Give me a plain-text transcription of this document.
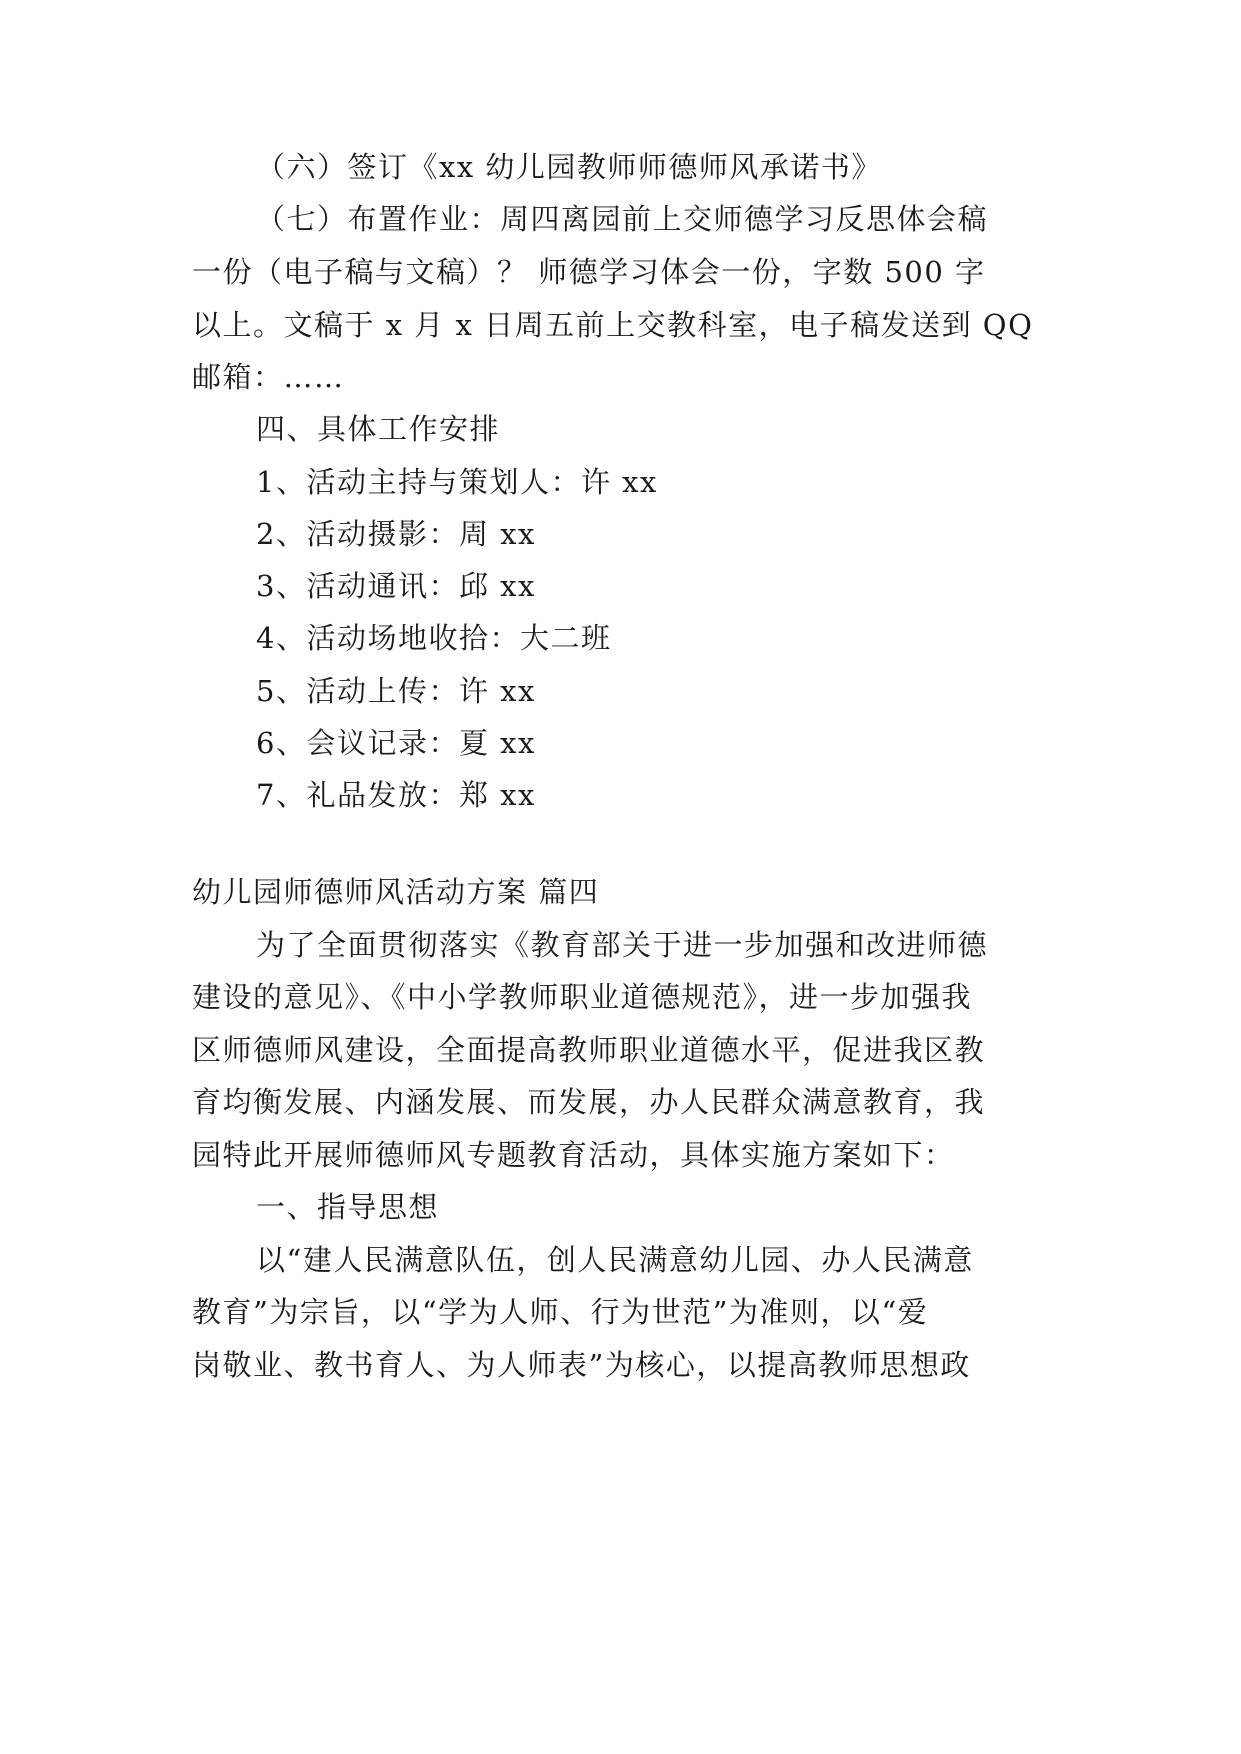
（六）签订《xx 幼儿园教师师德师风承诺书》
（七）布置作业：周四离园前上交师德学习反思体会稿
一份（电子稿与文稿）？ 师德学习体会一份，字数 500 字
以上。文稿于 x 月 x 日周五前上交教科室，电子稿发送到 QQ
邮箱：……
四、具体工作安排
1、活动主持与策划人：许 xx
2、活动摄影：周 xx
3、活动通讯：邱 xx
4、活动场地收拾：大二班
5、活动上传：许 xx
6、会议记录：夏 xx
7、礼品发放：郑 xx
幼儿园师德师风活动方案 篇四
为了全面贯彻落实《教育部关于进一步加强和改进师德
建设的意见》、《中小学教师职业道德规范》，进一步加强我
区师德师风建设，全面提高教师职业道德水平，促进我区教
育均衡发展、内涵发展、而发展，办人民群众满意教育，我
园特此开展师德师风专题教育活动，具体实施方案如下：
一、指导思想
以“建人民满意队伍，创人民满意幼儿园、办人民满意
教育”为宗旨，以“学为人师、行为世范”为准则，以“爱
岗敬业、教书育人、为人师表”为核心，以提高教师思想政
